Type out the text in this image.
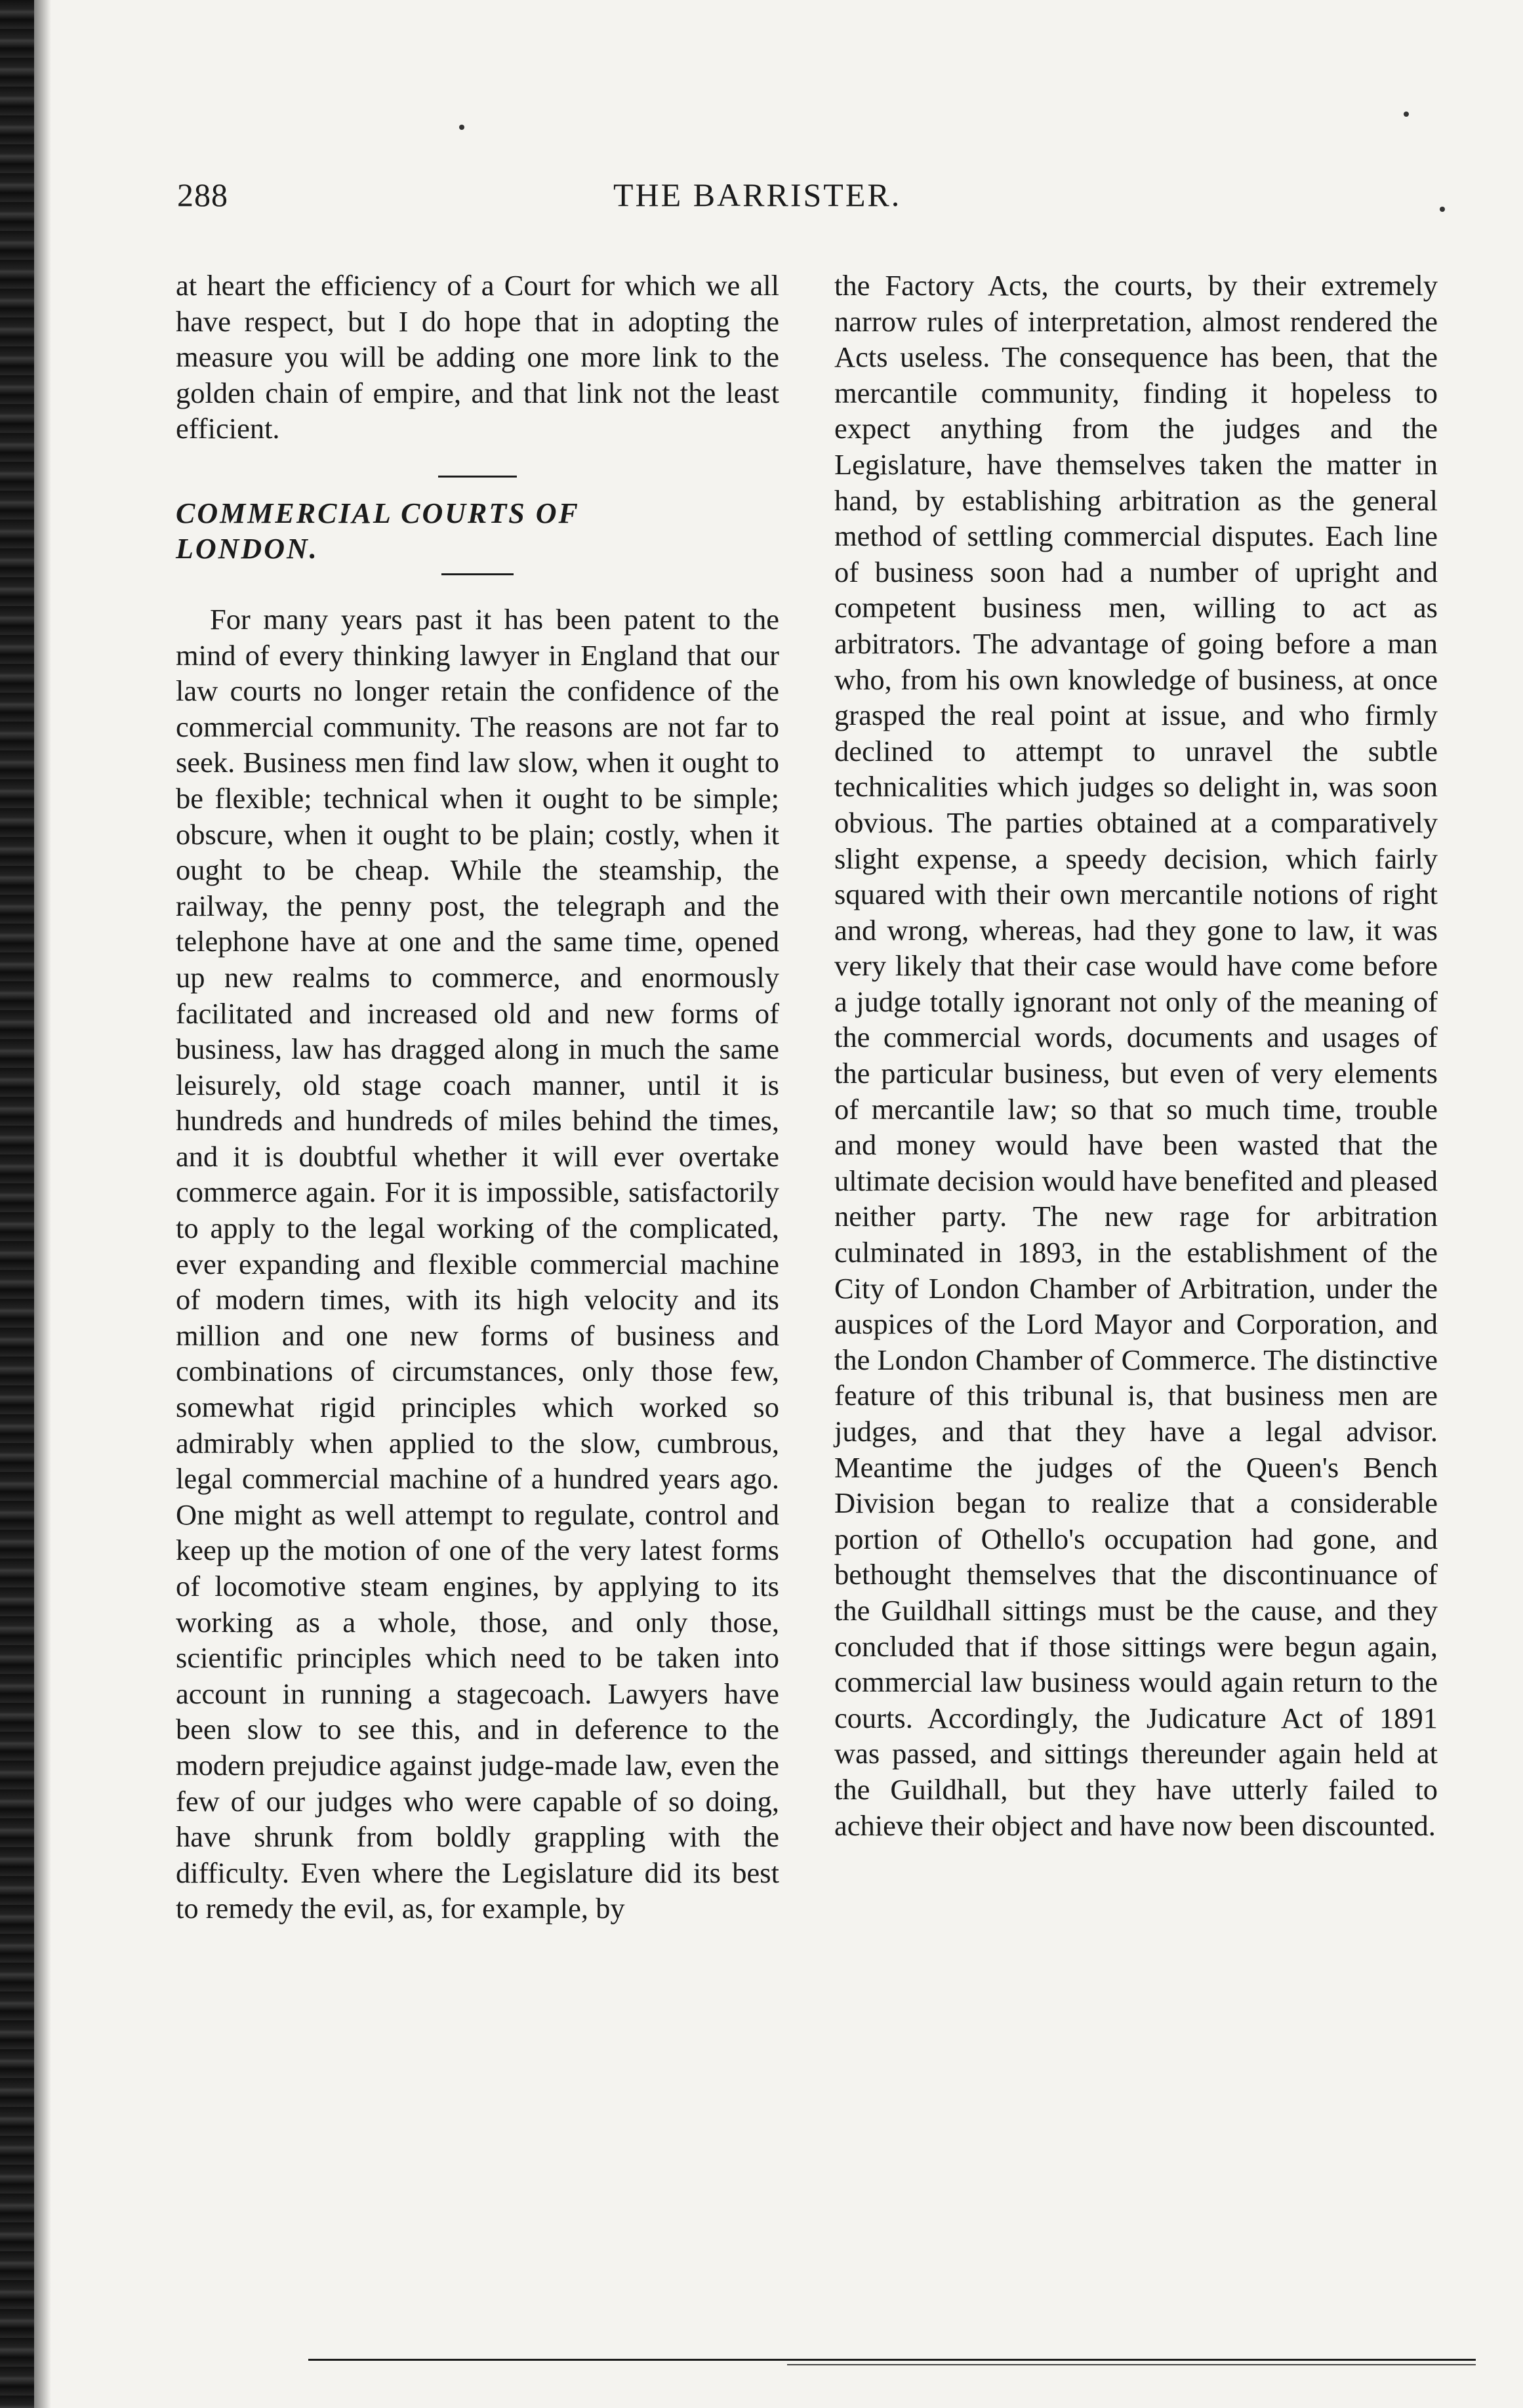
288	THE BARRISTER.

at heart the efficiency of a Court for which we all have respect, but I do hope that in adopting the measure you will be adding one more link to the golden chain of empire, and that link not the least efficient.

COMMERCIAL COURTS OF

LONDON.

For many years past it has been patent to the mind of every thinking lawyer in England that our law courts no longer retain the confidence of the commercial community. The reasons are not far to seek. Business men find law slow, when it ought to be flexible; technical when it ought to be simple; obscure, when it ought to be plain; costly, when it ought to be cheap. While the steamship, the railway, the penny post, the telegraph and the telephone have at one and the same time, opened up new realms to commerce, and enormously facilitated and increased old and new forms of business, law has dragged along in much the same leisurely, old stage coach manner, until it is hundreds and hundreds of miles behind the times, and it is doubtful whether it will ever overtake commerce again. For it is impossible, satisfactorily to apply to the legal working of the complicated, ever expanding and flexible commercial machine of modern times, with its high velocity and its million and one new forms of business and combinations of circumstances, only those few, somewhat rigid principles which worked so admirably when applied to the slow, cumbrous, legal commercial machine of a hundred years ago. One might as well attempt to regulate, control and keep up the motion of one of the very latest forms of locomotive steam engines, by applying to its working as a whole, those, and only those, scientific principles which need to be taken into account in running a stagecoach. Lawyers have been slow to see this, and in deference to the modern prejudice against judge-made law, even the few of our judges who were capable of so doing, have shrunk from boldly grappling with the difficulty. Even where the Legislature did its best to remedy the evil, as, for example, by

the Factory Acts, the courts, by their extremely narrow rules of interpretation, almost rendered the Acts useless. The consequence has been, that the mercantile community, finding it hopeless to expect anything from the judges and the Legislature, have themselves taken the matter in hand, by establishing arbitration as the general method of settling commercial disputes. Each line of business soon had a number of upright and competent business men, willing to act as arbitrators. The advantage of going before a man who, from his own knowledge of business, at once grasped the real point at issue, and who firmly declined to attempt to unravel the subtle technicalities which judges so delight in, was soon obvious. The parties obtained at a comparatively slight expense, a speedy decision, which fairly squared with their own mercantile notions of right and wrong, whereas, had they gone to law, it was very likely that their case would have come before a judge totally ignorant not only of the meaning of the commercial words, documents and usages of the particular business, but even of very elements of mercantile law; so that so much time, trouble and money would have been wasted that the ultimate decision would have benefited and pleased neither party. The new rage for arbitration culminated in 1893, in the establishment of the City of London Chamber of Arbitration, under the auspices of the Lord Mayor and Corporation, and the London Chamber of Commerce. The distinctive feature of this tribunal is, that business men are judges, and that they have a legal advisor. Meantime the judges of the Queen's Bench Division began to realize that a considerable portion of Othello's occupation had gone, and bethought themselves that the discontinuance of the Guildhall sittings must be the cause, and they concluded that if those sittings were begun again, commercial law business would again return to the courts. Accordingly, the Judicature Act of 1891 was passed, and sittings thereunder again held at the Guildhall, but they have utterly failed to achieve their object and have now been discounted.
